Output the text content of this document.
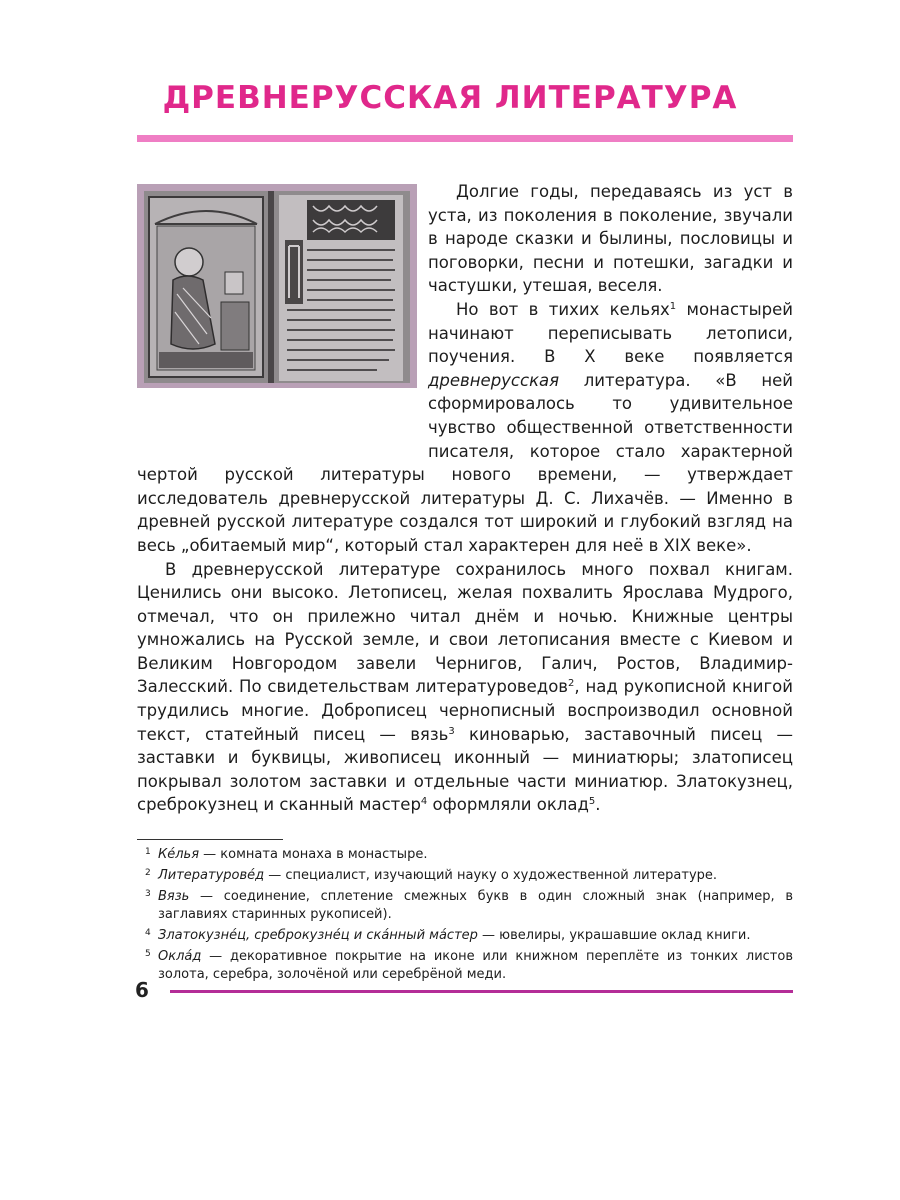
ДРЕВНЕРУССКАЯ ЛИТЕРАТУРА

Долгие годы, передаваясь из уст в уста, из поколения в поколение, звучали в народе сказки и былины, пословицы и поговорки, песни и потешки, загадки и частушки, утешая, веселя.

Но вот в тихих кельях$^1$ монастырей начинают переписывать летописи, поучения. В X веке появляется древнерусская литература. «В ней сформировалось то удивительное чувство общественной ответственности писателя, которое стало характерной чертой русской литературы нового времени, — утверждает исследователь древнерусской литературы Д. С. Лихачёв. — Именно в древней русской литературе создался тот широкий и глубокий взгляд на весь „обитаемый мир“, который стал характерен для неё в XIX веке».

В древнерусской литературе сохранилось много похвал книгам. Ценились они высоко. Летописец, желая похвалить Ярослава Мудрого, отмечал, что он прилежно читал днём и ночью. Книжные центры умножались на Русской земле, и свои летописания вместе с Киевом и Великим Новгородом завели Чернигов, Галич, Ростов, Владимир-Залесский. По свидетельствам литературоведов$^2$, над рукописной книгой трудились многие. Доброписец чернописный воспроизводил основной текст, статейный писец — вязь$^3$ киноварью, заставочный писец — заставки и буквицы, живописец иконный — миниатюры; златописец покрывал золотом заставки и отдельные части миниатюр. Златокузнец, среброкузнец и сканный мастер$^4$ оформляли оклад$^5$.

1 Ке́лья — комната монаха в монастыре.

2 Литературове́д — специалист, изучающий науку о художественной литературе.

3 Вязь — соединение, сплетение смежных букв в один сложный знак (например, в заглавиях старинных рукописей).

4 Златокузне́ц, среброкузне́ц и ска́нный ма́стер — ювелиры, украшавшие оклад книги.

5 Окла́д — декоративное покрытие на иконе или книжном переплёте из тонких листов золота, серебра, золочёной или серебрёной меди.

6
